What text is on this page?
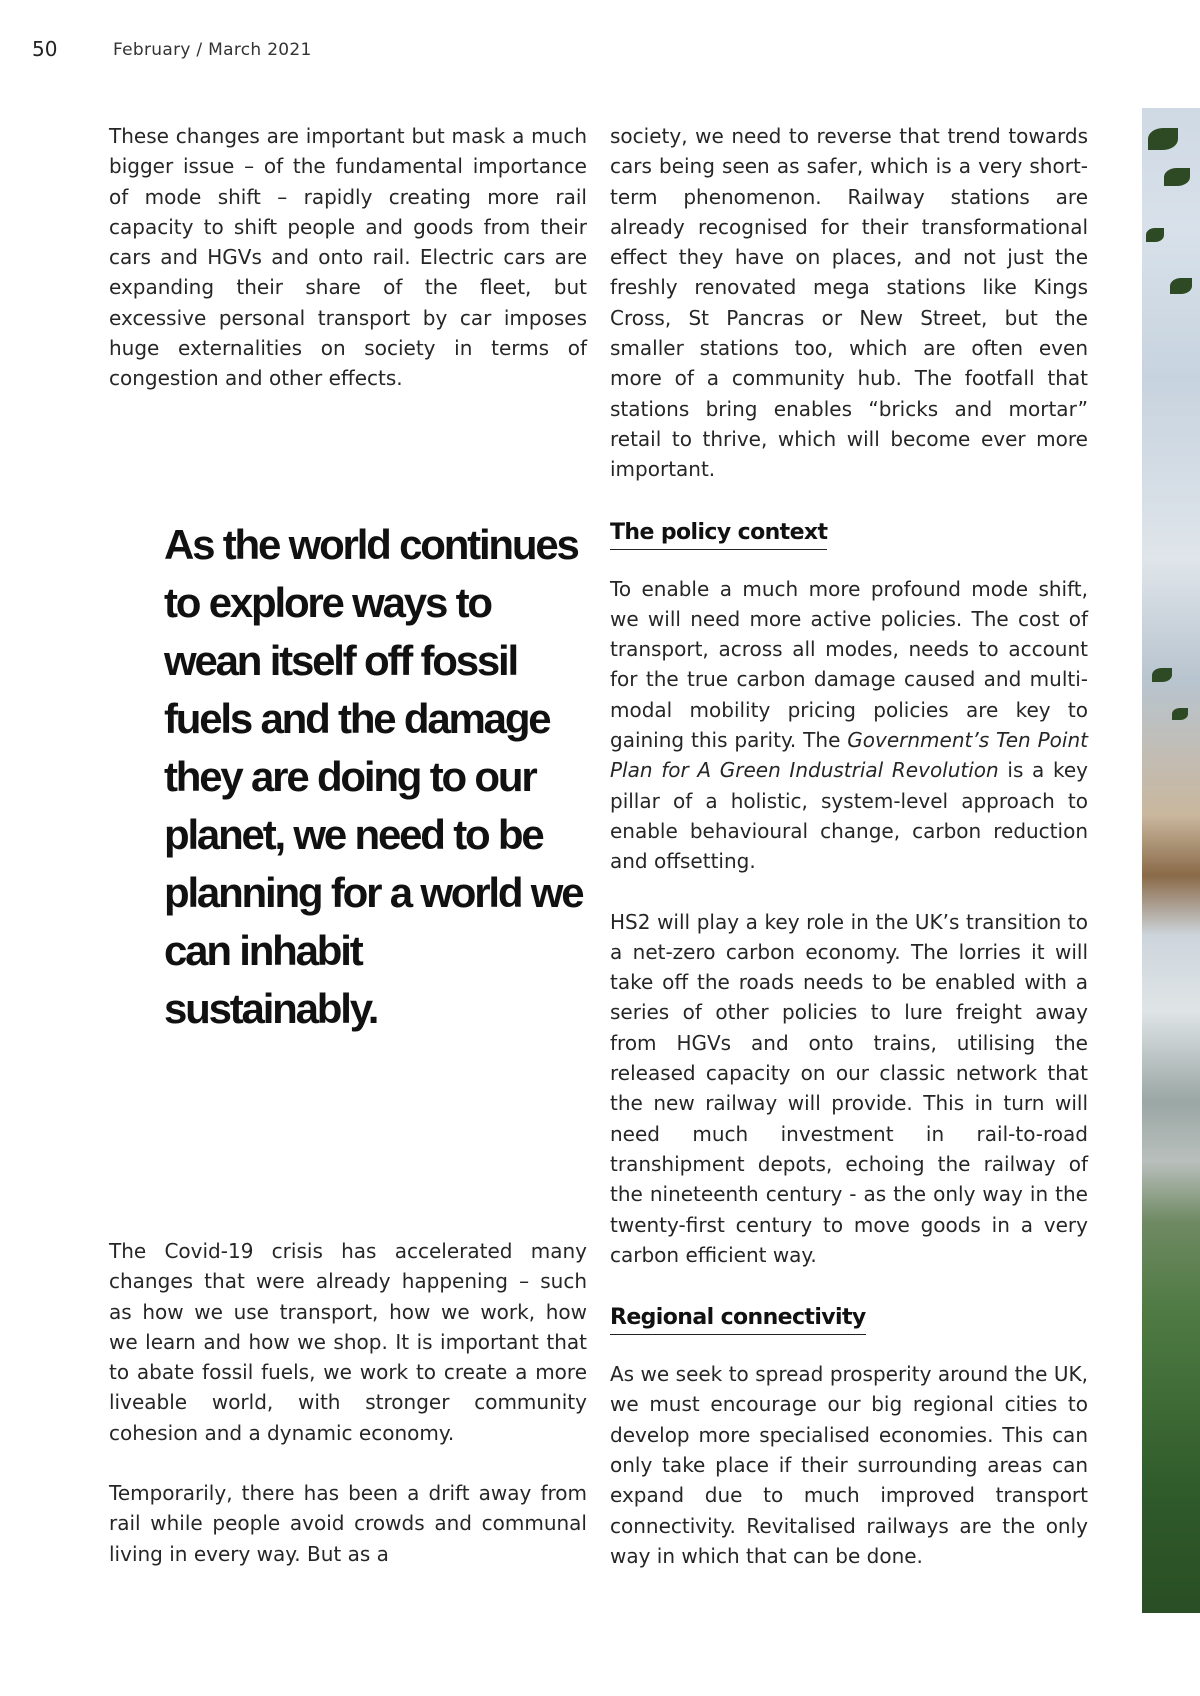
50	February / March 2021

These changes are important but mask a much bigger issue – of the fundamental importance of mode shift – rapidly creating more rail capacity to shift people and goods from their cars and HGVs and onto rail. Electric cars are expanding their share of the fleet, but excessive personal transport by car imposes huge externalities on society in terms of congestion and other effects.

As the world continues to explore ways to wean itself off fossil fuels and the damage they are doing to our planet, we need to be planning for a world we can inhabit sustainably.

The Covid-19 crisis has accelerated many changes that were already happening – such as how we use transport, how we work, how we learn and how we shop. It is important that to abate fossil fuels, we work to create a more liveable world, with stronger community cohesion and a dynamic economy.

Temporarily, there has been a drift away from rail while people avoid crowds and communal living in every way. But as a

society, we need to reverse that trend towards cars being seen as safer, which is a very short-term phenomenon. Railway stations are already recognised for their transformational effect they have on places, and not just the freshly renovated mega stations like Kings Cross, St Pancras or New Street, but the smaller stations too, which are often even more of a community hub. The footfall that stations bring enables “bricks and mortar” retail to thrive, which will become ever more important.

The policy context

To enable a much more profound mode shift, we will need more active policies. The cost of transport, across all modes, needs to account for the true carbon damage caused and multi-modal mobility pricing policies are key to gaining this parity. The Government’s Ten Point Plan for A Green Industrial Revolution is a key pillar of a holistic, system-level approach to enable behavioural change, carbon reduction and offsetting.

HS2 will play a key role in the UK’s transition to a net-zero carbon economy. The lorries it will take off the roads needs to be enabled with a series of other policies to lure freight away from HGVs and onto trains, utilising the released capacity on our classic network that the new railway will provide. This in turn will need much investment in rail-to-road transhipment depots, echoing the railway of the nineteenth century - as the only way in the twenty-first century to move goods in a very carbon efficient way.

Regional connectivity

As we seek to spread prosperity around the UK, we must encourage our big regional cities to develop more specialised economies. This can only take place if their surrounding areas can expand due to much improved transport connectivity. Revitalised railways are the only way in which that can be done.
